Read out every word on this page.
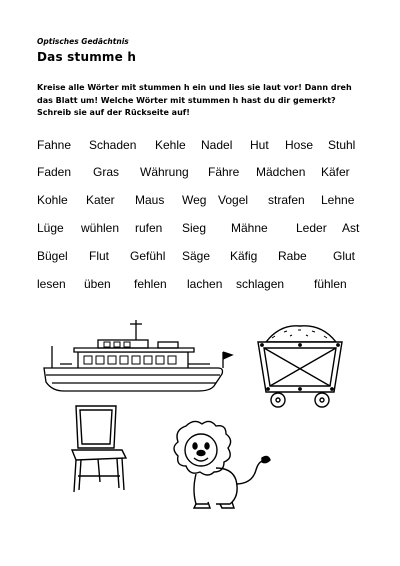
Optisches Gedächtnis
Das stumme h
Kreise alle Wörter mit stummen h ein und lies sie laut vor! Dann dreh das Blatt um! Welche Wörter mit stummen h hast du dir gemerkt? Schreib sie auf der Rückseite auf!
Fahne Schaden Kehle Nadel Hut Hose Stuhl
Faden Gras Währung Fähre Mädchen Käfer
Kohle Kater Maus Weg Vogel strafen Lehne
Lüge wühlen rufen Sieg Mähne Leder Ast
Bügel Flut Gefühl Säge Käfig Rabe Glut
lesen üben fehlen lachen schlagen fühlen
